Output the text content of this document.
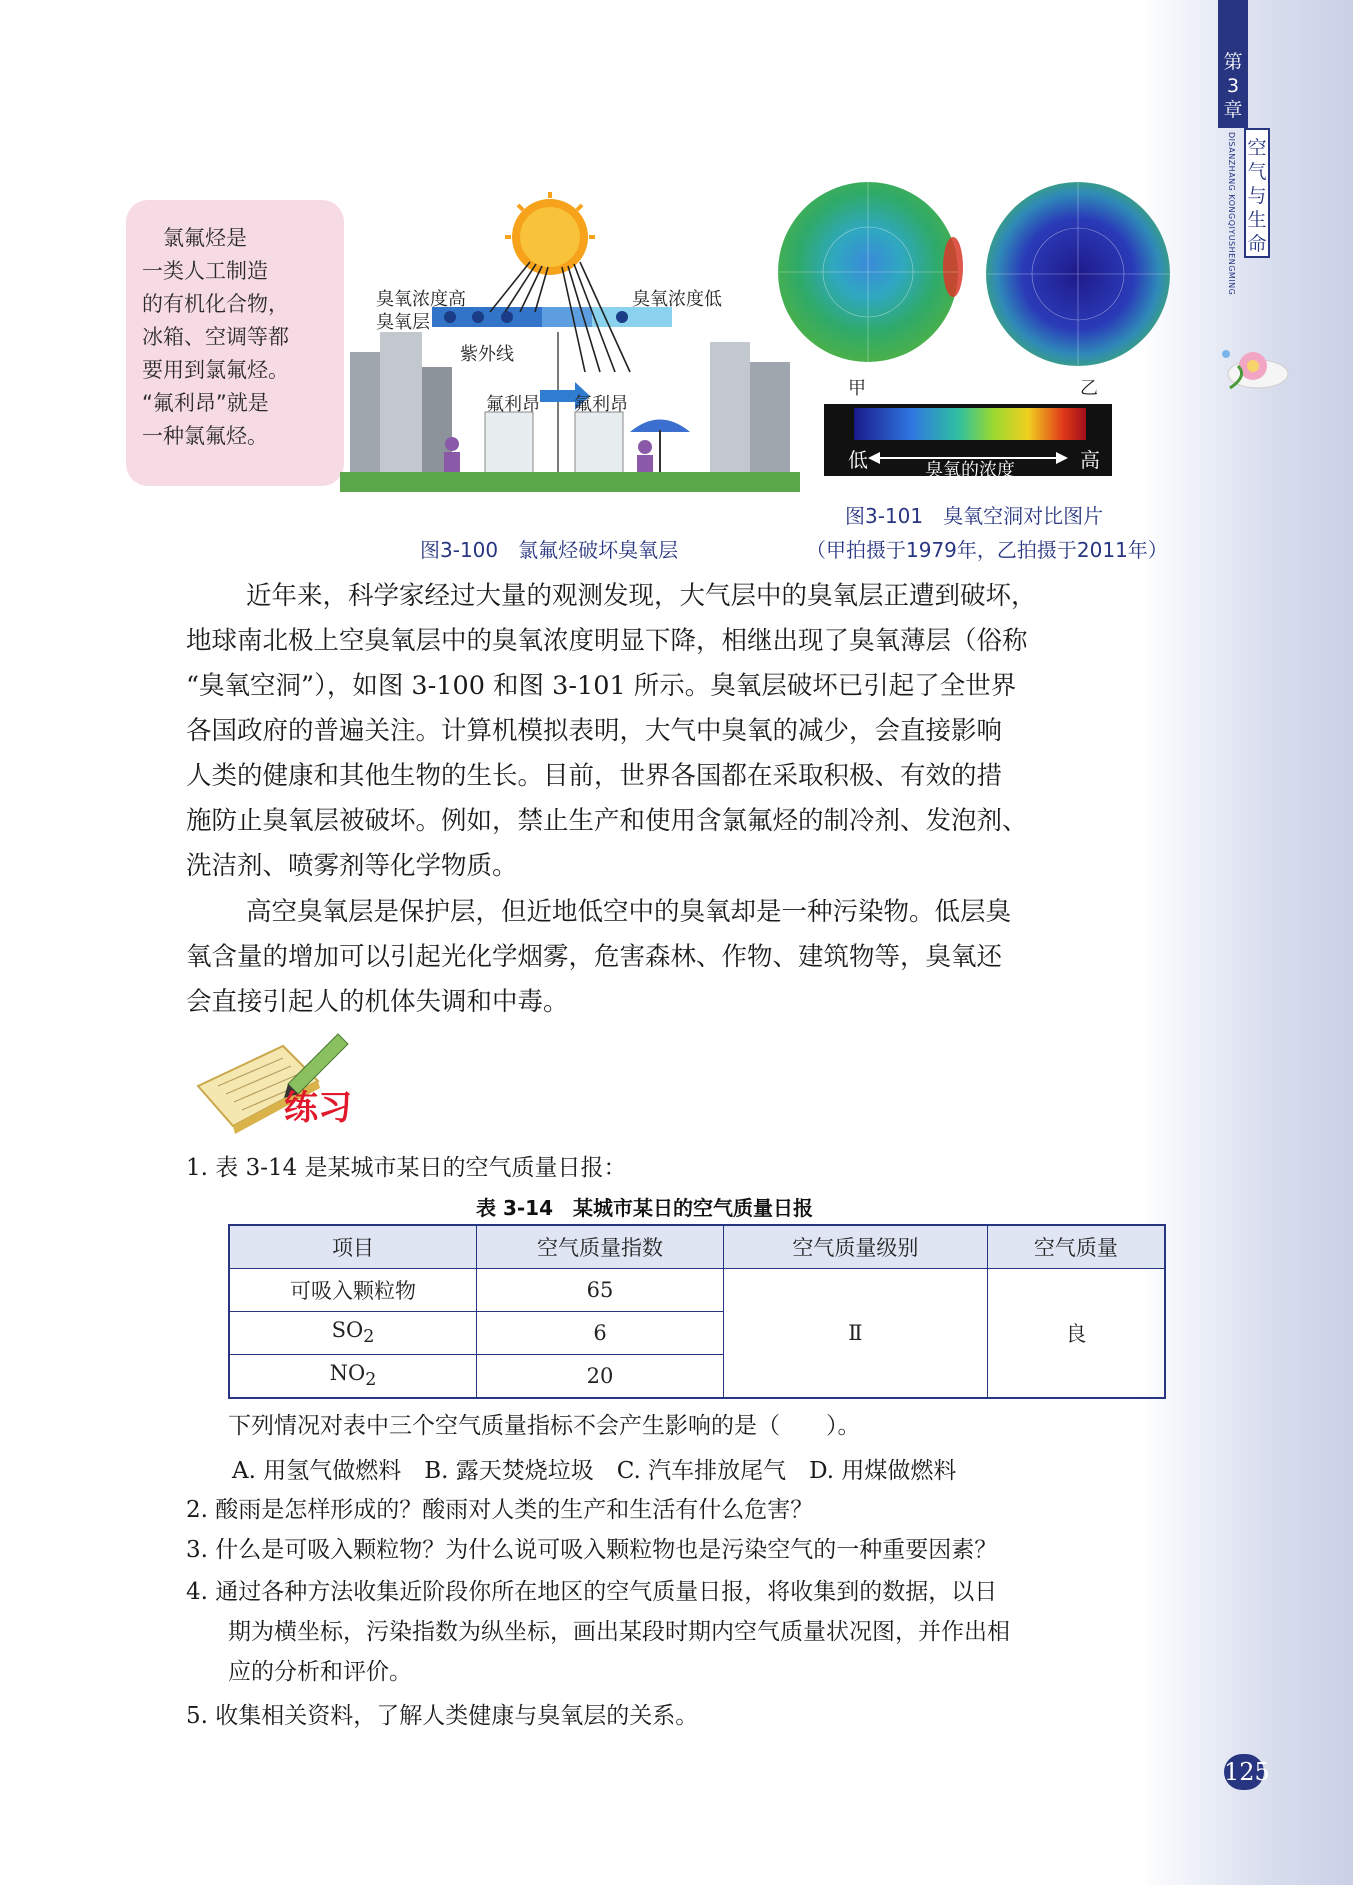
第
3
章
空
气
与
生
命
DISANZHANG KONGQIYUSHENGMING
125
　氯氟烃是
一类人工制造
的有机化合物，
冰箱、空调等都
要用到氯氟烃。
“氟利昂”就是
一种氯氟烃。
臭氧浓度高
臭氧层
臭氧浓度低
紫外线
氟利昂 氟利昂
图3-100　氯氟烃破坏臭氧层
甲	乙
低	高
臭氧的浓度
图3-101　臭氧空洞对比图片
（甲拍摄于1979年，乙拍摄于2011年）
近年来，科学家经过大量的观测发现，大气层中的臭氧层正遭到破坏，
地球南北极上空臭氧层中的臭氧浓度明显下降，相继出现了臭氧薄层（俗称
“臭氧空洞”），如图 3-100 和图 3-101 所示。臭氧层破坏已引起了全世界
各国政府的普遍关注。计算机模拟表明，大气中臭氧的减少，会直接影响
人类的健康和其他生物的生长。目前，世界各国都在采取积极、有效的措
施防止臭氧层被破坏。例如，禁止生产和使用含氯氟烃的制冷剂、发泡剂、
洗洁剂、喷雾剂等化学物质。
高空臭氧层是保护层，但近地低空中的臭氧却是一种污染物。低层臭
氧含量的增加可以引起光化学烟雾，危害森林、作物、建筑物等，臭氧还
会直接引起人的机体失调和中毒。
练习
1. 表 3-14 是某城市某日的空气质量日报：
表 3-14　某城市某日的空气质量日报
项目	空气质量指数	空气质量级别	空气质量
可吸入颗粒物	65	Ⅱ	良
$SO_2$	6		
$NO_2$	20		
下列情况对表中三个空气质量指标不会产生影响的是（　　）。
A. 用氢气做燃料　B. 露天焚烧垃圾　C. 汽车排放尾气　D. 用煤做燃料
2. 酸雨是怎样形成的？酸雨对人类的生产和生活有什么危害？
3. 什么是可吸入颗粒物？为什么说可吸入颗粒物也是污染空气的一种重要因素？
4. 通过各种方法收集近阶段你所在地区的空气质量日报，将收集到的数据，以日
期为横坐标，污染指数为纵坐标，画出某段时期内空气质量状况图，并作出相
应的分析和评价。
5. 收集相关资料，了解人类健康与臭氧层的关系。
